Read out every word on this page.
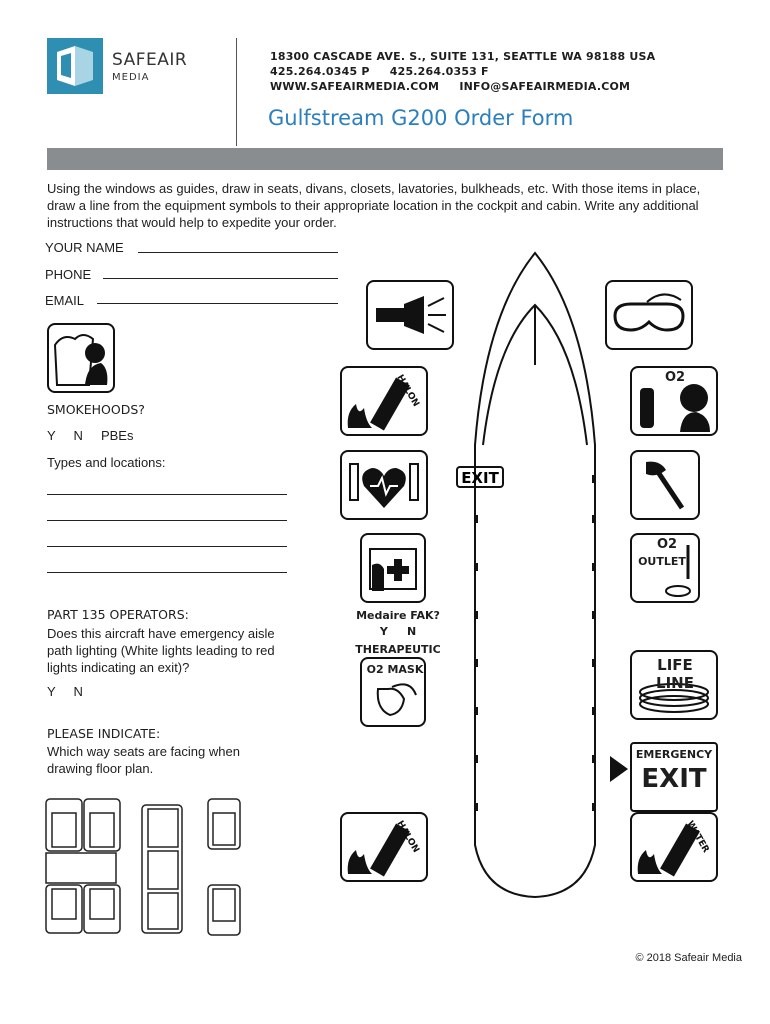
SAFEAIR
MEDIA
18300 CASCADE AVE. S., SUITE 131, SEATTLE WA 98188 USA
425.264.0345 P     425.264.0353 F
WWW.SAFEAIRMEDIA.COM     INFO@SAFEAIRMEDIA.COM
Gulfstream G200 Order Form
Using the windows as guides, draw in seats, divans, closets, lavatories, bulkheads, etc. With those items in place, draw a line from the equipment symbols to their appropriate location in the cockpit and cabin. Write any additional instructions that would help to expedite your order.
YOUR NAME
PHONE
EMAIL
SMOKEHOODS?
Y     N     PBEs
Types and locations:
PART 135 OPERATORS:
Does this aircraft have emergency aisle path lighting (White lights leading to red lights indicating an exit)?
Y     N
PLEASE INDICATE:
Which way seats are facing when drawing floor plan.
EXIT
HALON
Medaire FAK?
Y     N
THERAPEUTIC
O2 MASK
HALON
O2
O2
OUTLET
LIFE LINE
EMERGENCY
EXIT
WATER
© 2018 Safeair Media
